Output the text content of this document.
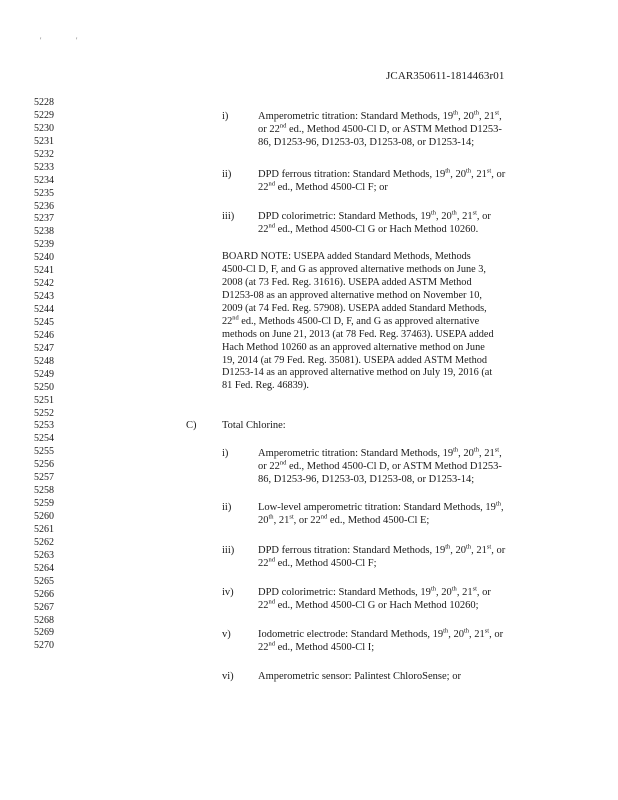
'	'
JCAR350611-1814463r01
5228
5229
5230
5231
5232
5233
5234
5235
5236
5237
5238
5239
5240
5241
5242
5243
5244
5245
5246
5247
5248
5249
5250
5251
5252
5253
5254
5255
5256
5257
5258
5259
5260
5261
5262
5263
5264
5265
5266
5267
5268
5269
5270
i)	Amperometric titration: Standard Methods, 19th, 20th, 21st,
or 22nd ed., Method 4500-Cl D, or ASTM Method D1253-
86, D1253-96, D1253-03, D1253-08, or D1253-14;
ii)	DPD ferrous titration: Standard Methods, 19th, 20th, 21st, or
22nd ed., Method 4500-Cl F; or
iii) DPD colorimetric: Standard Methods, 19th, 20th, 21st, or
22nd ed., Method 4500-Cl G or Hach Method 10260.
BOARD NOTE: USEPA added Standard Methods, Methods
4500-Cl D, F, and G as approved alternative methods on June 3,
2008 (at 73 Fed. Reg. 31616). USEPA added ASTM Method
D1253-08 as an approved alternative method on November 10,
2009 (at 74 Fed. Reg. 57908). USEPA added Standard Methods,
22nd ed., Methods 4500-Cl D, F, and G as approved alternative
methods on June 21, 2013 (at 78 Fed. Reg. 37463). USEPA added
Hach Method 10260 as an approved alternative method on June
19, 2014 (at 79 Fed. Reg. 35081). USEPA added ASTM Method
D1253-14 as an approved alternative method on July 19, 2016 (at
81 Fed. Reg. 46839).
C) Total Chlorine:
i)	Amperometric titration: Standard Methods, 19th, 20th, 21st,
or 22nd ed., Method 4500-Cl D, or ASTM Method D1253-
86, D1253-96, D1253-03, D1253-08, or D1253-14;
ii)	Low-level amperometric titration: Standard Methods, 19th,
20th, 21st, or 22nd ed., Method 4500-Cl E;
iii) DPD ferrous titration: Standard Methods, 19th, 20th, 21st, or
22nd ed., Method 4500-Cl F;
iv) DPD colorimetric: Standard Methods, 19th, 20th, 21st, or
22nd ed., Method 4500-Cl G or Hach Method 10260;
v)	Iodometric electrode: Standard Methods, 19th, 20th, 21st, or
22nd ed., Method 4500-Cl I;
vi) Amperometric sensor: Palintest ChloroSense; or
